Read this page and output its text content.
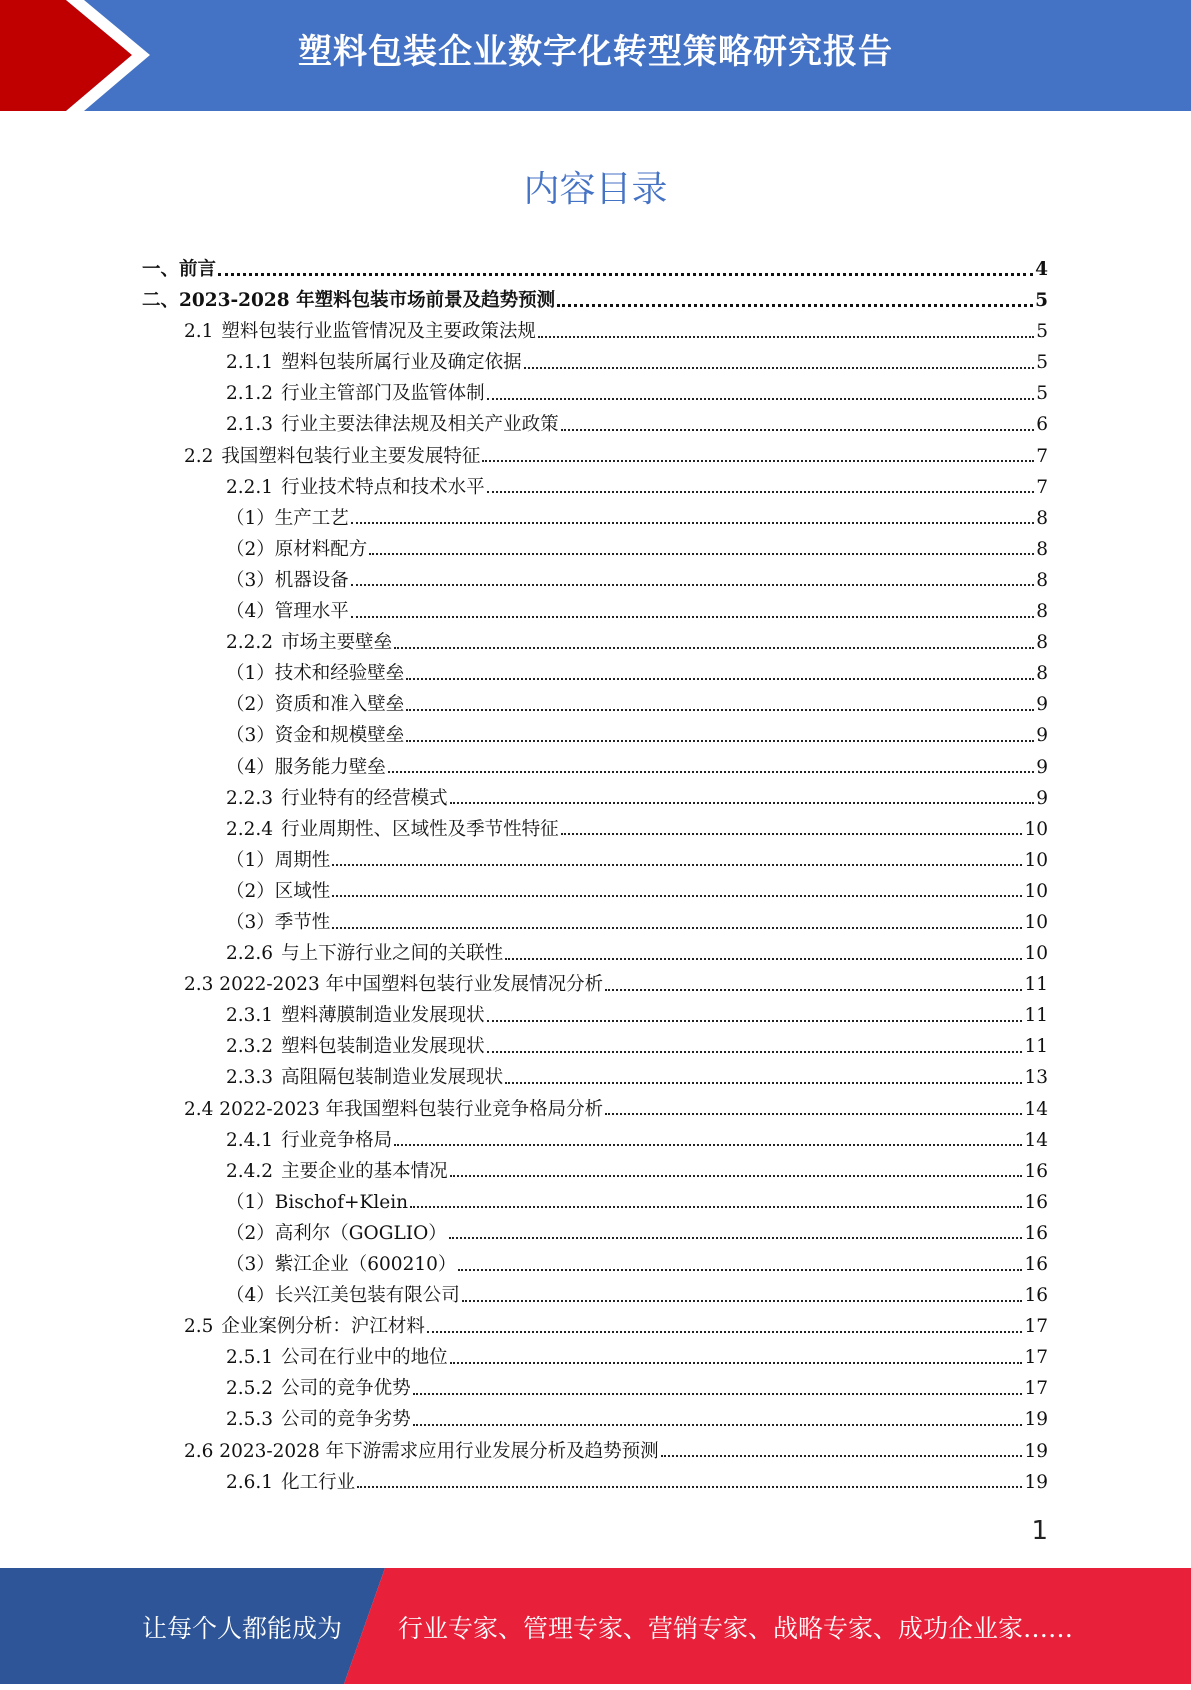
塑料包装企业数字化转型策略研究报告
内容目录
一、前言	4
二、2023-2028 年塑料包装市场前景及趋势预测	5
2.1 塑料包装行业监管情况及主要政策法规	5
2.1.1 塑料包装所属行业及确定依据	5
2.1.2 行业主管部门及监管体制	5
2.1.3 行业主要法律法规及相关产业政策	6
2.2 我国塑料包装行业主要发展特征	7
2.2.1 行业技术特点和技术水平	7
（1）生产工艺	8
（2）原材料配方	8
（3）机器设备	8
（4）管理水平	8
2.2.2 市场主要壁垒	8
（1）技术和经验壁垒	8
（2）资质和准入壁垒	9
（3）资金和规模壁垒	9
（4）服务能力壁垒	9
2.2.3 行业特有的经营模式	9
2.2.4 行业周期性、区域性及季节性特征	10
（1）周期性	10
（2）区域性	10
（3）季节性	10
2.2.6 与上下游行业之间的关联性	10
2.3 2022-2023 年中国塑料包装行业发展情况分析	11
2.3.1 塑料薄膜制造业发展现状	11
2.3.2 塑料包装制造业发展现状	11
2.3.3 高阻隔包装制造业发展现状	13
2.4 2022-2023 年我国塑料包装行业竞争格局分析	14
2.4.1 行业竞争格局	14
2.4.2 主要企业的基本情况	16
（1）Bischof+Klein	16
（2）高利尔（GOGLIO）	16
（3）紫江企业（600210）	16
（4）长兴江美包装有限公司	16
2.5 企业案例分析：沪江材料	17
2.5.1 公司在行业中的地位	17
2.5.2 公司的竞争优势	17
2.5.3 公司的竞争劣势	19
2.6 2023-2028 年下游需求应用行业发展分析及趋势预测	19
2.6.1 化工行业	19
1
让每个人都能成为 行业专家、管理专家、营销专家、战略专家、成功企业家……
